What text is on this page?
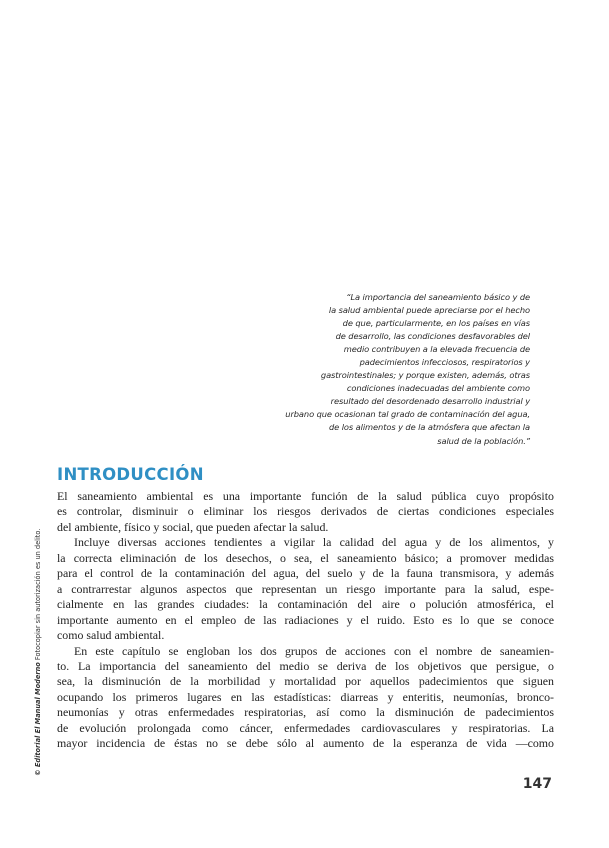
“La importancia del saneamiento básico y de
la salud ambiental puede apreciarse por el hecho
de que, particularmente, en los países en vías
de desarrollo, las condiciones desfavorables del
medio contribuyen a la elevada frecuencia de
padecimientos infecciosos, respiratorios y
gastrointestinales; y porque existen, además, otras
condiciones inadecuadas del ambiente como
resultado del desordenado desarrollo industrial y
urbano que ocasionan tal grado de contaminación del agua,
de los alimentos y de la atmósfera que afectan la
salud de la población.”
INTRODUCCIÓN

El saneamiento ambiental es una importante función de la salud pública cuyo propósito
es controlar, disminuir o eliminar los riesgos derivados de ciertas condiciones especiales
del ambiente, físico y social, que pueden afectar la salud.

Incluye diversas acciones tendientes a vigilar la calidad del agua y de los alimentos, y
la correcta eliminación de los desechos, o sea, el saneamiento básico; a promover medidas
para el control de la contaminación del agua, del suelo y de la fauna transmisora, y además
a contrarrestar algunos aspectos que representan un riesgo importante para la salud, espe-
cialmente en las grandes ciudades: la contaminación del aire o polución atmosférica, el
importante aumento en el empleo de las radiaciones y el ruido. Esto es lo que se conoce
como salud ambiental.

En este capítulo se engloban los dos grupos de acciones con el nombre de saneamien-
to. La importancia del saneamiento del medio se deriva de los objetivos que persigue, o
sea, la disminución de la morbilidad y mortalidad por aquellos padecimientos que siguen
ocupando los primeros lugares en las estadísticas: diarreas y enteritis, neumonías, bronco-
neumonías y otras enfermedades respiratorias, así como la disminución de padecimientos
de evolución prolongada como cáncer, enfermedades cardiovasculares y respiratorias. La
mayor incidencia de éstas no se debe sólo al aumento de la esperanza de vida —como

© Editorial El Manual Moderno Fotocopiar sin autorización es un delito.
147
